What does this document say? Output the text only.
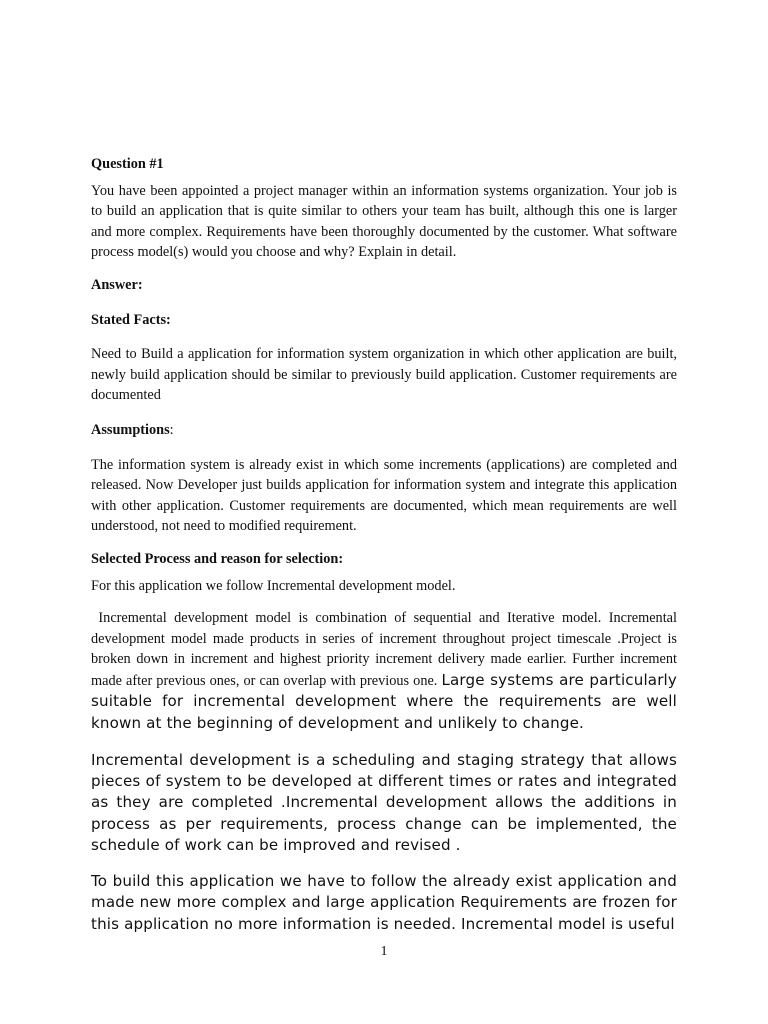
Question #1

You have been appointed a project manager within an information systems organization. Your job is to build an application that is quite similar to others your team has built, although this one is larger and more complex. Requirements have been thoroughly documented by the customer. What software process model(s) would you choose and why? Explain in detail.

Answer:

Stated Facts:

Need to Build a application for information system organization in which other application are built, newly build application should be similar to previously build application. Customer requirements are documented

Assumptions:

The information system is already exist in which some increments (applications) are completed and released. Now Developer just builds application for information system and integrate this application with other application. Customer requirements are documented, which mean requirements are well understood, not need to modified requirement.

Selected Process and reason for selection:

For this application we follow Incremental development model.

Incremental development model is combination of sequential and Iterative model. Incremental development model made products in series of increment throughout project timescale .Project is broken down in increment and highest priority increment delivery made earlier. Further increment made after previous ones, or can overlap with previous one. Large systems are particularly suitable for incremental development where the requirements are well known at the beginning of development and unlikely to change.

Incremental development is a scheduling and staging strategy that allows pieces of system to be developed at different times or rates and integrated as they are completed .Incremental development allows the additions in process as per requirements, process change can be implemented, the schedule of work can be improved and revised .

To build this application we have to follow the already exist application and made new more complex and large application Requirements are frozen for this application no more information is needed. Incremental model is useful

1
